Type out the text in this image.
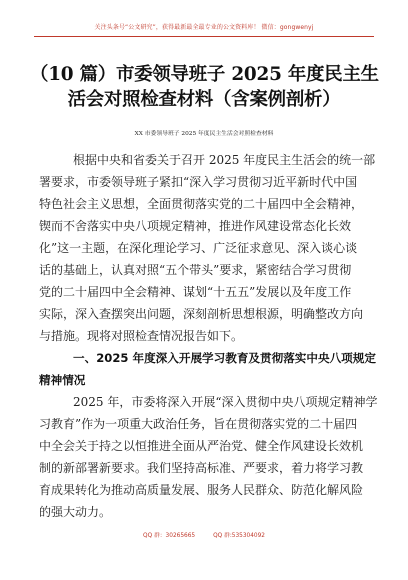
关注头条号“公文研究”，获得最新最全最专业的公文资料库！ 微信：gongwenyj
（10 篇）市委领导班子 2025 年度民主生
活会对照检查材料（含案例剖析）
XX 市委领导班子 2025 年度民主生活会对照检查材料
根据中央和省委关于召开 2025 年度民主生活会的统一部
署要求，市委领导班子紧扣“深入学习贯彻习近平新时代中国
特色社会主义思想，全面贯彻落实党的二十届四中全会精神，
锲而不舍落实中央八项规定精神，推进作风建设常态化长效
化”这一主题，在深化理论学习、广泛征求意见、深入谈心谈
话的基础上，认真对照“五个带头”要求，紧密结合学习贯彻
党的二十届四中全会精神、谋划“十五五”发展以及年度工作
实际，深入查摆突出问题，深刻剖析思想根源，明确整改方向
与措施。现将对照检查情况报告如下。
一、2025 年度深入开展学习教育及贯彻落实中央八项规定
精神情况
2025 年，市委将深入开展“深入贯彻中央八项规定精神学
习教育”作为一项重大政治任务，旨在贯彻落实党的二十届四
中全会关于持之以恒推进全面从严治党、健全作风建设长效机
制的新部署新要求。我们坚持高标准、严要求，着力将学习教
育成果转化为推动高质量发展、服务人民群众、防范化解风险
的强大动力。
QQ 群：30265665	QQ 群:535304092
